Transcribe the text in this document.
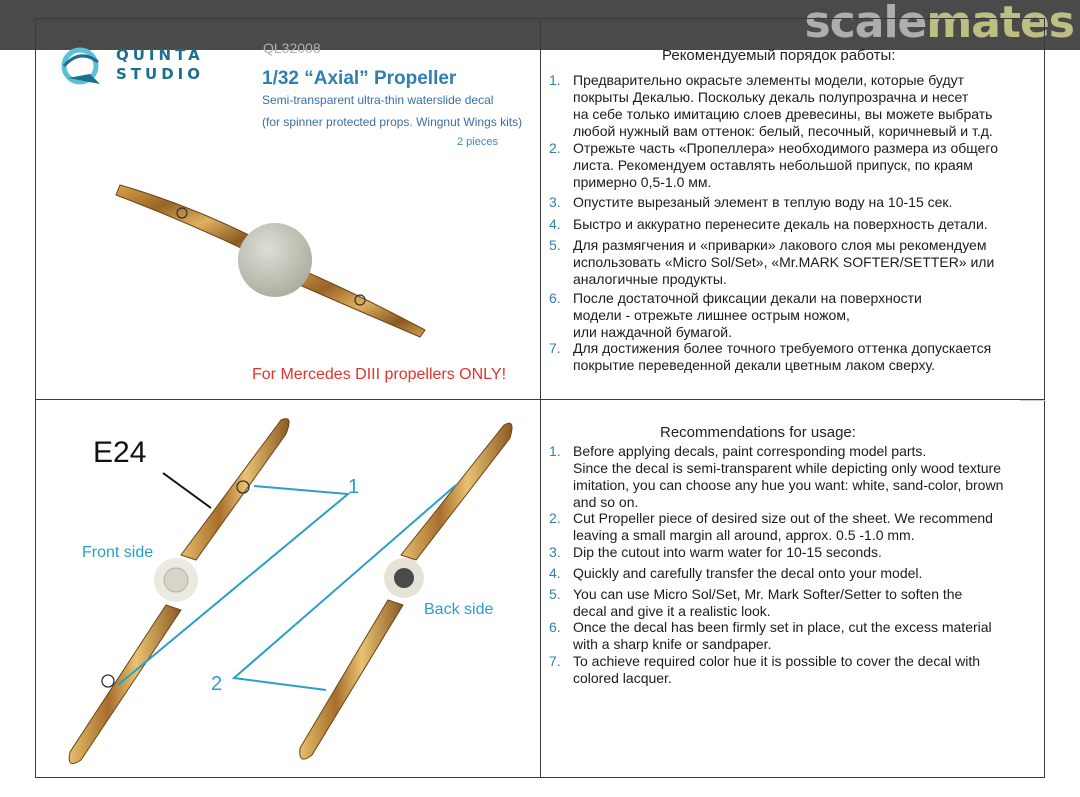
scalemates
QUINTA
STUDIO
QL32008
1/32 “Axial” Propeller
Semi-transparent ultra-thin waterslide decal
(for spinner protected props. Wingnut Wings kits)
2 pieces
For Mercedes DIII propellers ONLY!
Рекомендуемый порядок работы:
1. Предварительно окрасьте элементы модели, которые будут
покрыты Декалью. Поскольку декаль полупрозрачна и несет
на себе только имитацию слоев древесины, вы можете выбрать
любой нужный вам оттенок: белый, песочный, коричневый и т.д.
2. Отрежьте часть «Пропеллера» необходимого размера из общего
листа. Рекомендуем оставлять небольшой припуск, по краям
примерно 0,5-1.0 мм.
3. Опустите вырезаный элемент в теплую воду на 10-15 сек.
4. Быстро и аккуратно перенесите декаль на поверхность детали.
5. Для размягчения и «приварки» лакового слоя мы рекомендуем
использовать «Micro Sol/Set», «Mr.MARK SOFTER/SETTER» или
аналогичные продукты.
6. После достаточной фиксации декали на поверхности
модели - отрежьте лишнее острым ножом,
или наждачной бумагой.
7. Для достижения более точного требуемого оттенка допускается
покрытие переведенной декали цветным лаком сверху.
E24
Front side
Back side
1
2
Recommendations for usage:
1. Before applying decals, paint corresponding model parts.
Since the decal is semi-transparent while depicting only wood texture
imitation, you can choose any hue you want: white, sand-color, brown
and so on.
2. Cut Propeller piece of desired size out of the sheet. We recommend
leaving a small margin all around, approx. 0.5 -1.0 mm.
3. Dip the cutout into warm water for 10-15 seconds.
4. Quickly and carefully transfer the decal onto your model.
5. You can use Micro Sol/Set, Mr. Mark Softer/Setter to soften the
decal and give it a realistic look.
6. Once the decal has been firmly set in place, cut the excess material
with a sharp knife or sandpaper.
7. To achieve required color hue it is possible to cover the decal with
colored lacquer.
